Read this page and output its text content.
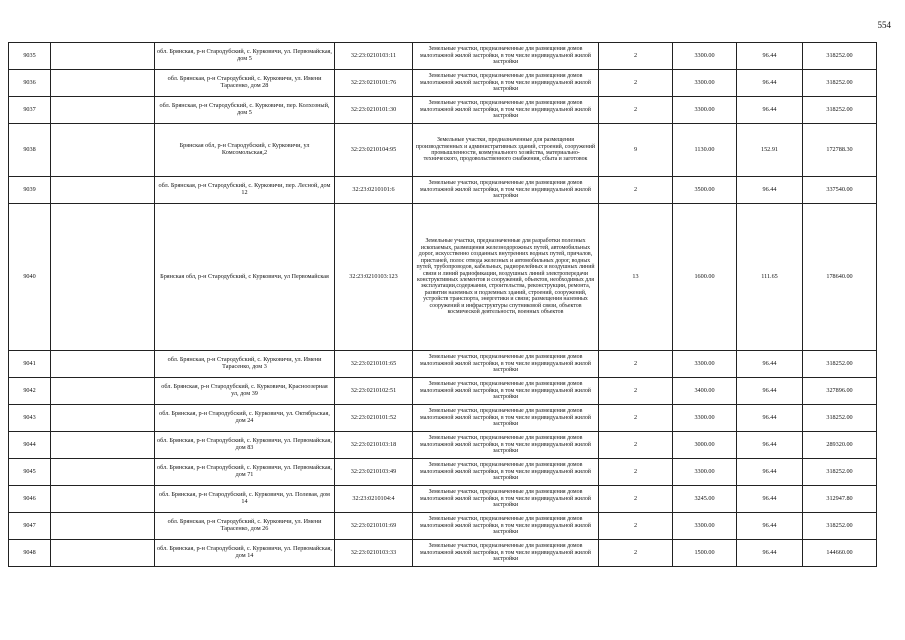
554
9035		обл. Брянская, р-н Стародубский, с. Курковичи, ул. Первомайская, дом 5	32:23:0210103:11	Земельные участки, предназначенные для размещения домов малоэтажной жилой застройки, в том числе индивидуальной жилой застройки	2	3300.00	96.44	318252.00
9036		обл. Брянская, р-н Стародубский, с. Курковичи, ул. Имени Тарасенко, дом 28	32:23:0210101:76	Земельные участки, предназначенные для размещения домов малоэтажной жилой застройки, в том числе индивидуальной жилой застройки	2	3300.00	96.44	318252.00
9037		обл. Брянская, р-н Стародубский, с. Курковичи, пер. Колхозный, дом 5	32:23:0210101:30	Земельные участки, предназначенные для размещения домов малоэтажной жилой застройки, в том числе индивидуальной жилой застройки	2	3300.00	96.44	318252.00
9038		Брянская обл, р-н Стародубский, с Курковичи, ул Комсомольская,2	32:23:0210104:95	Земельные участки, предназначенные для размещения производственных и административных зданий, строений, сооружений промышленности, коммунального хозяйства, материально-технического, продовольственного снабжения, сбыта и заготовок	9	1130.00	152.91	172788.30
9039		обл. Брянская, р-н Стародубский, с. Курковичи, пер. Лесной, дом 12	32:23:0210101:6	Земельные участки, предназначенные для размещения домов малоэтажной жилой застройки, в том числе индивидуальной жилой застройки	2	3500.00	96.44	337540.00
9040		Брянская обл, р-н Стародубский, с Курковичи, ул Первомайская	32:23:0210103:123	Земельные участки, предназначенные для разработки полезных ископаемых, размещения железнодорожных путей, автомобильных дорог, искусственно созданных внутренних водных путей, причалов, пристаней, полос отвода железных и автомобильных дорог, водных путей, трубопроводов, кабельных, радиорелейных и воздушных линий связи и линий радиофикации, воздушных линий электропередачи конструктивных элементов и сооружений, объектов, необходимых для эксплуатации,содержания, строительства, реконструкции, ремонта, развития наземных и подземных зданий, строений, сооружений, устройств транспорта, энергетики и связи; размещения наземных сооружений и инфраструктуры спутниковой связи, объектов космической деятельности, военных объектов	13	1600.00	111.65	178640.00
9041		обл. Брянская, р-н Стародубский, с. Курковичи, ул. Имени Тарасенко, дом 3	32:23:0210101:65	Земельные участки, предназначенные для размещения домов малоэтажной жилой застройки, в том числе индивидуальной жилой застройки	2	3300.00	96.44	318252.00
9042		обл. Брянская, р-н Стародубский, с. Курковичи, Красноозерная ул, дом 39	32:23:0210102:51	Земельные участки, предназначенные для размещения домов малоэтажной жилой застройки, в том числе индивидуальной жилой застройки	2	3400.00	96.44	327896.00
9043		обл. Брянская, р-н Стародубский, с. Курковичи, ул. Октябрьская, дом 24	32:23:0210101:52	Земельные участки, предназначенные для размещения домов малоэтажной жилой застройки, в том числе индивидуальной жилой застройки	2	3300.00	96.44	318252.00
9044		обл. Брянская, р-н Стародубский, с. Курковичи, ул. Первомайская, дом 83	32:23:0210103:18	Земельные участки, предназначенные для размещения домов малоэтажной жилой застройки, в том числе индивидуальной жилой застройки	2	3000.00	96.44	289320.00
9045		обл. Брянская, р-н Стародубский, с. Курковичи, ул. Первомайская, дом 71	32:23:0210103:49	Земельные участки, предназначенные для размещения домов малоэтажной жилой застройки, в том числе индивидуальной жилой застройки	2	3300.00	96.44	318252.00
9046		обл. Брянская, р-н Стародубский, с. Курковичи, ул. Полевая, дом 14	32:23:0210104:4	Земельные участки, предназначенные для размещения домов малоэтажной жилой застройки, в том числе индивидуальной жилой застройки	2	3245.00	96.44	312947.80
9047		обл. Брянская, р-н Стародубский, с. Курковичи, ул. Имени Тарасенко, дом 26	32:23:0210101:69	Земельные участки, предназначенные для размещения домов малоэтажной жилой застройки, в том числе индивидуальной жилой застройки	2	3300.00	96.44	318252.00
9048		обл. Брянская, р-н Стародубский, с. Курковичи, ул. Первомайская, дом 14	32:23:0210103:33	Земельные участки, предназначенные для размещения домов малоэтажной жилой застройки, в том числе индивидуальной жилой застройки	2	1500.00	96.44	144660.00
